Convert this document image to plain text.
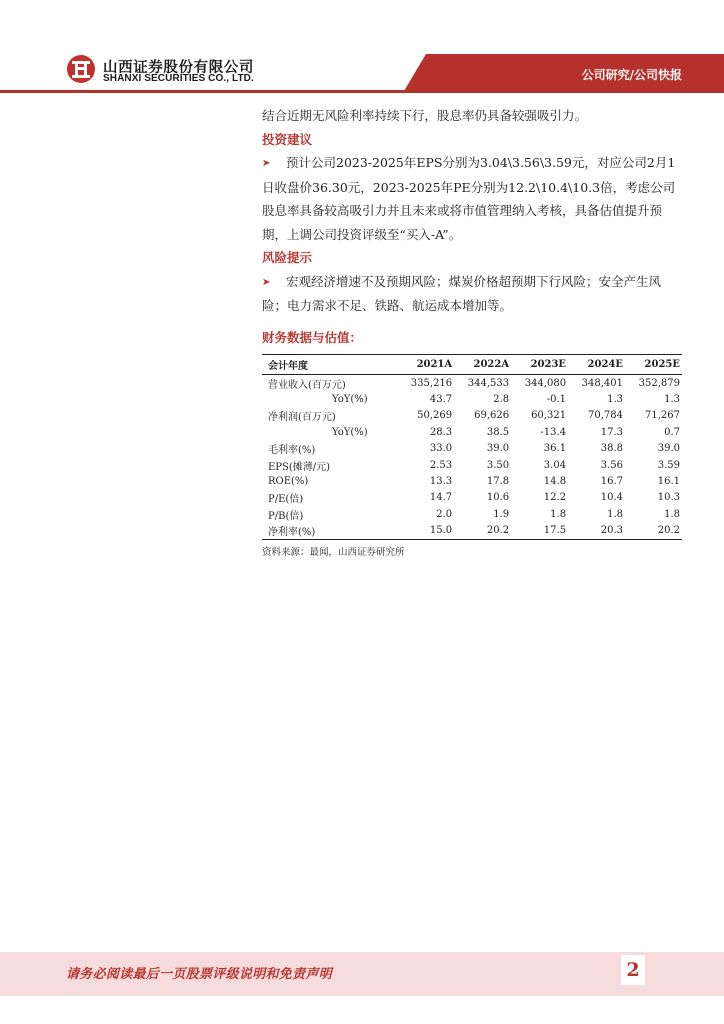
山西证券股份有限公司
SHANXI SECURITIES CO., LTD.	公司研究/公司快报

结合近期无风险利率持续下行，股息率仍具备较强吸引力。

投资建议

➤ 预计公司2023-2025年EPS分别为3.04\3.56\3.59元，对应公司2月1日收盘价36.30元，2023-2025年PE分别为12.2\10.4\10.3倍，考虑公司股息率具备较高吸引力并且未来或将市值管理纳入考核，具备估值提升预期，上调公司投资评级至“买入-A”。

风险提示

➤ 宏观经济增速不及预期风险；煤炭价格超预期下行风险；安全产生风险；电力需求不足、铁路、航运成本增加等。

财务数据与估值：
会计年度	2021A	2022A	2023E	2024E	2025E
营业收入(百万元)	335,216	344,533	344,080	348,401	352,879
YoY(%)	43.7	2.8	-0.1	1.3	1.3
净利润(百万元)	50,269	69,626	60,321	70,784	71,267
YoY(%)	28.3	38.5	-13.4	17.3	0.7
毛利率(%)	33.0	39.0	36.1	38.8	39.0
EPS(摊薄/元)	2.53	3.50	3.04	3.56	3.59
ROE(%)	13.3	17.8	14.8	16.7	16.1
P/E(倍)	14.7	10.6	12.2	10.4	10.3
P/B(倍)	2.0	1.9	1.8	1.8	1.8
净利率(%)	15.0	20.2	17.5	20.3	20.2
资料来源：最闻，山西证券研究所
请务必阅读最后一页股票评级说明和免责声明	2
